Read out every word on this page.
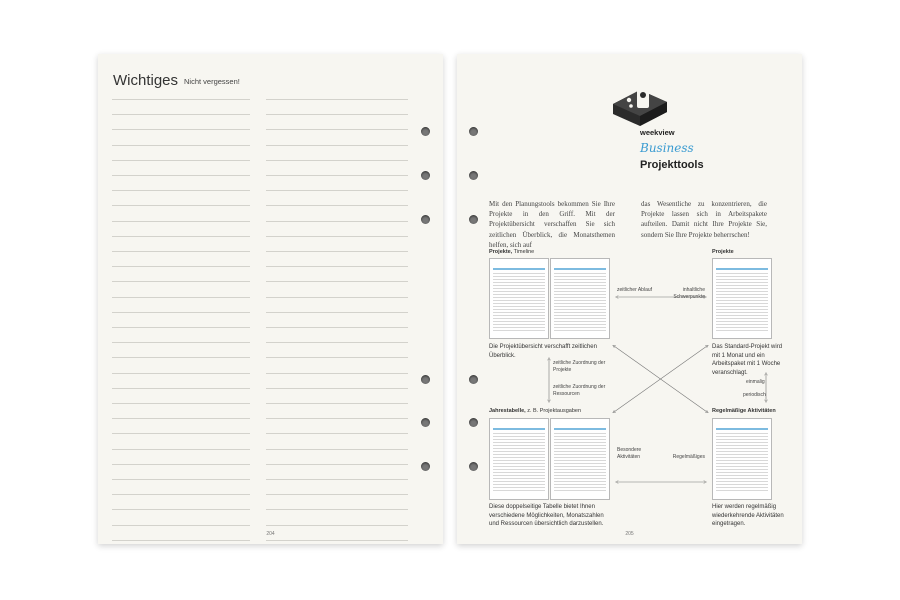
Wichtiges Nicht vergessen!
204
weekview
Business
Projekttools
Mit den Planungstools bekommen Sie Ihre Projekte in den Griff. Mit der Projektübersicht verschaffen Sie sich zeitlichen Überblick, die Monatsthemen helfen, sich auf
das Wesentliche zu konzentrieren, die Projekte lassen sich in Arbeitspakete aufteilen. Damit nicht Ihre Projekte Sie, sondern Sie Ihre Projekte beherrschen!
Projekte, Timeline	Projekte
Jahrestabelle, z. B. Projektausgaben	Regelmäßige Aktivitäten
Die Projektübersicht verschafft zeitlichen Überblick.
Das Standard-Projekt wird mit 1 Monat und ein Arbeitspaket mit 1 Woche veranschlagt.
Diese doppelseitige Tabelle bietet Ihnen verschiedene Möglichkeiten, Monatszahlen und Ressourcen übersichtlich darzustellen.
Hier werden regelmäßig wiederkehrende Aktivitäten eingetragen.
zeitlicher Ablauf	inhaltliche Schwerpunkte
zeitliche Zuordnung der Projekte
zeitliche Zuordnung der Ressourcen
einmalig
periodisch
Besondere Aktivitäten	Regelmäßiges
205
